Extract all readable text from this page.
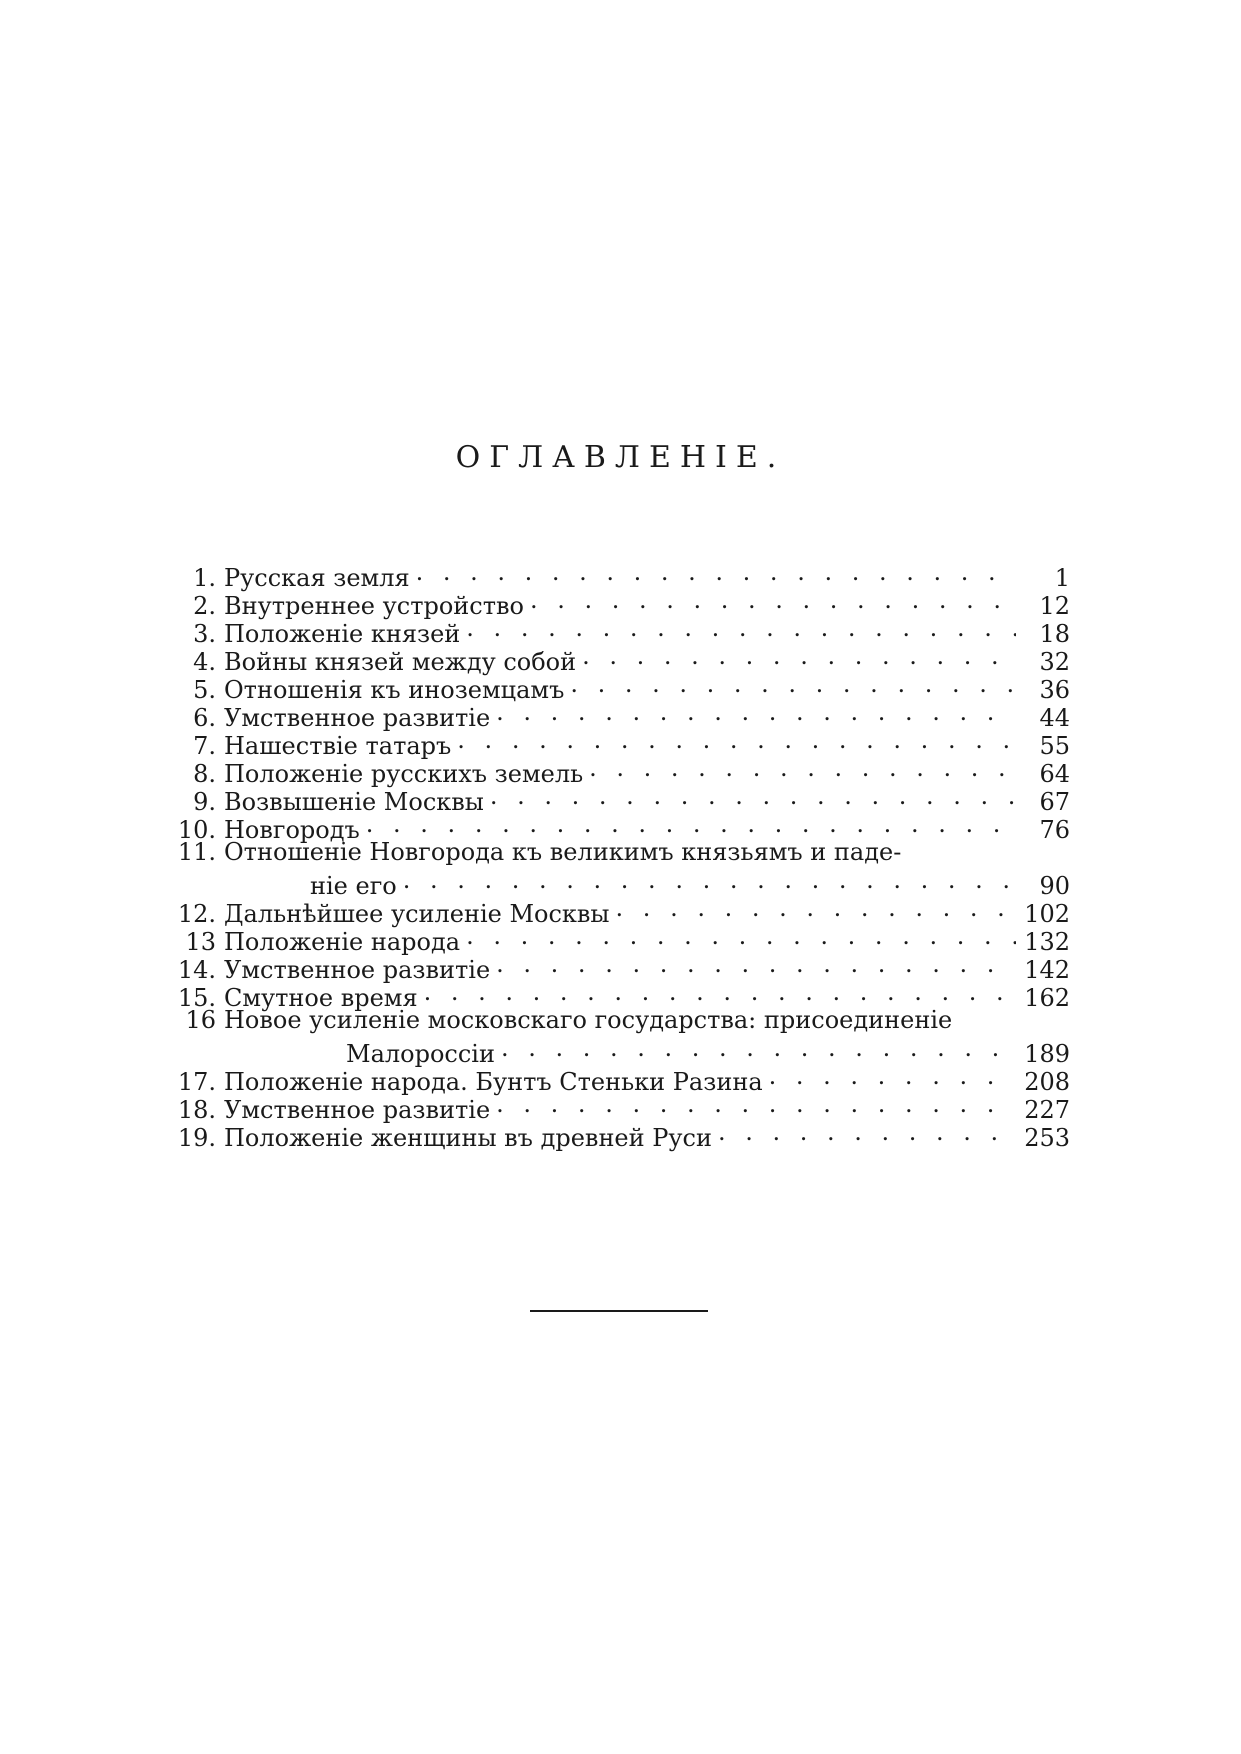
ОГЛАВЛЕНІЕ.
1. Русская земля . . .	1
2. Внутреннее устройство . . .	12
3. Положеніе князей . . .	18
4. Войны князей между собой . . .	32
5. Отношенія къ иноземцамъ . . .	36
6. Умственное развитіе . . .	44
7. Нашествіе татаръ . . .	55
8. Положеніе русскихъ земель . . .	64
9. Возвышеніе Москвы . . .	67
10. Новгородъ . . .	76
11. Отношеніе Новгорода къ великимъ князьямъ и паде-
ніе его . . .	90
12. Дальнѣйшее усиленіе Москвы . . .	102
13 Положеніе народа . . .	132
14. Умственное развитіе . . .	142
15. Смутное время . . .	162
16 Новое усиленіе московскаго государства: присоединеніе
Малороссіи . . .	189
17. Положеніе народа. Бунтъ Стеньки Разина . . .	208
18. Умственное развитіе . . .	227
19. Положеніе женщины въ древней Руси . . .	253
